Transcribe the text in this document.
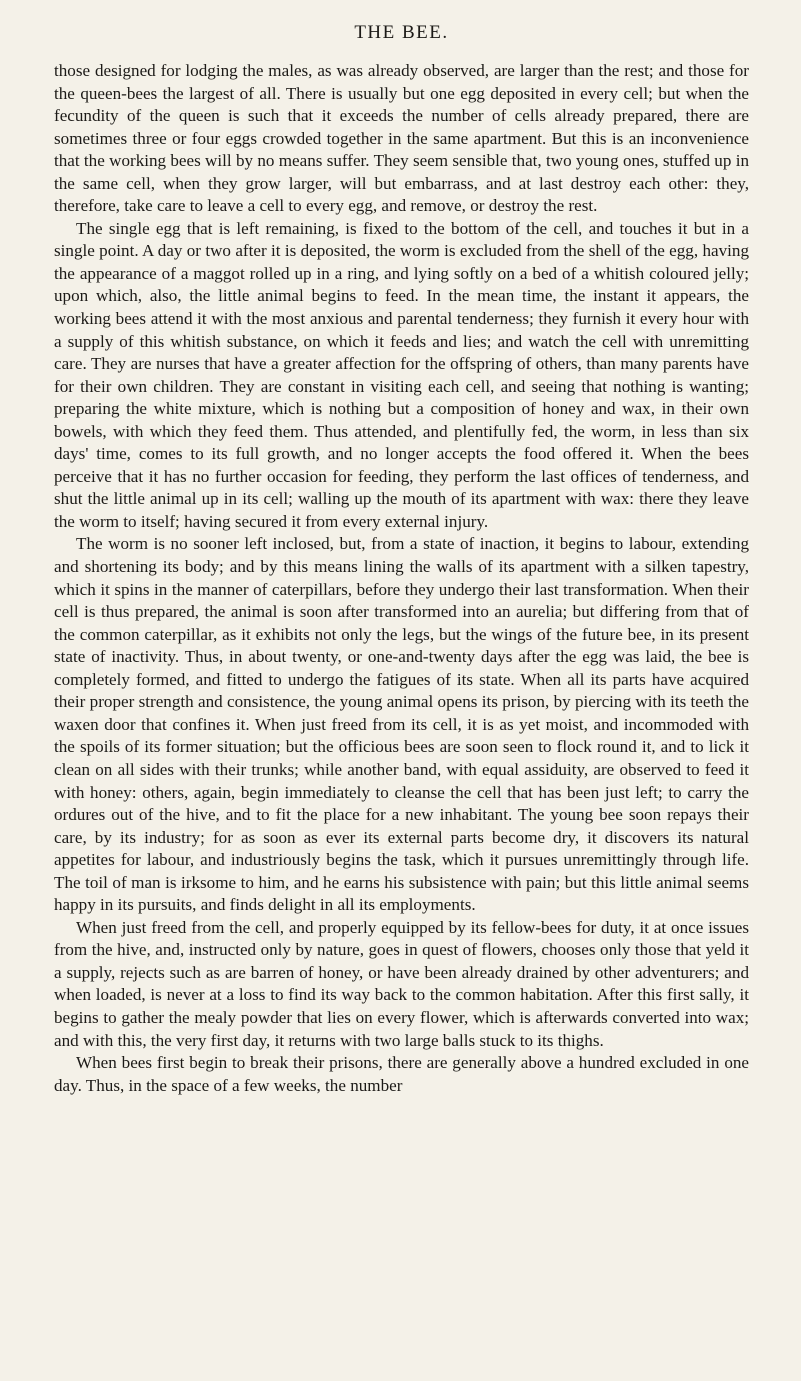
THE BEE.

those designed for lodging the males, as was already observed, are larger than the rest; and those for the queen-bees the largest of all. There is usually but one egg deposited in every cell; but when the fecundity of the queen is such that it exceeds the number of cells already prepared, there are sometimes three or four eggs crowded together in the same apartment. But this is an inconvenience that the working bees will by no means suffer. They seem sensible that, two young ones, stuffed up in the same cell, when they grow larger, will but embarrass, and at last destroy each other: they, therefore, take care to leave a cell to every egg, and remove, or destroy the rest.

The single egg that is left remaining, is fixed to the bottom of the cell, and touches it but in a single point. A day or two after it is deposited, the worm is excluded from the shell of the egg, having the appearance of a maggot rolled up in a ring, and lying softly on a bed of a whitish coloured jelly; upon which, also, the little animal begins to feed. In the mean time, the instant it appears, the working bees attend it with the most anxious and parental tenderness; they furnish it every hour with a supply of this whitish substance, on which it feeds and lies; and watch the cell with unremitting care. They are nurses that have a greater affection for the offspring of others, than many parents have for their own children. They are constant in visiting each cell, and seeing that nothing is wanting; preparing the white mixture, which is nothing but a composition of honey and wax, in their own bowels, with which they feed them. Thus attended, and plentifully fed, the worm, in less than six days' time, comes to its full growth, and no longer accepts the food offered it. When the bees perceive that it has no further occasion for feeding, they perform the last offices of tenderness, and shut the little animal up in its cell; walling up the mouth of its apartment with wax: there they leave the worm to itself; having secured it from every external injury.

The worm is no sooner left inclosed, but, from a state of inaction, it begins to labour, extending and shortening its body; and by this means lining the walls of its apartment with a silken tapestry, which it spins in the manner of caterpillars, before they undergo their last transformation. When their cell is thus prepared, the animal is soon after transformed into an aurelia; but differing from that of the common caterpillar, as it exhibits not only the legs, but the wings of the future bee, in its present state of inactivity. Thus, in about twenty, or one-and-twenty days after the egg was laid, the bee is completely formed, and fitted to undergo the fatigues of its state. When all its parts have acquired their proper strength and consistence, the young animal opens its prison, by piercing with its teeth the waxen door that confines it. When just freed from its cell, it is as yet moist, and incommoded with the spoils of its former situation; but the officious bees are soon seen to flock round it, and to lick it clean on all sides with their trunks; while another band, with equal assiduity, are observed to feed it with honey: others, again, begin immediately to cleanse the cell that has been just left; to carry the ordures out of the hive, and to fit the place for a new inhabitant. The young bee soon repays their care, by its industry; for as soon as ever its external parts become dry, it discovers its natural appetites for labour, and industriously begins the task, which it pursues unremittingly through life. The toil of man is irksome to him, and he earns his subsistence with pain; but this little animal seems happy in its pursuits, and finds delight in all its employments.

When just freed from the cell, and properly equipped by its fellow-bees for duty, it at once issues from the hive, and, instructed only by nature, goes in quest of flowers, chooses only those that yeld it a supply, rejects such as are barren of honey, or have been already drained by other adventurers; and when loaded, is never at a loss to find its way back to the common habitation. After this first sally, it begins to gather the mealy powder that lies on every flower, which is afterwards converted into wax; and with this, the very first day, it returns with two large balls stuck to its thighs.

When bees first begin to break their prisons, there are generally above a hundred excluded in one day. Thus, in the space of a few weeks, the number
